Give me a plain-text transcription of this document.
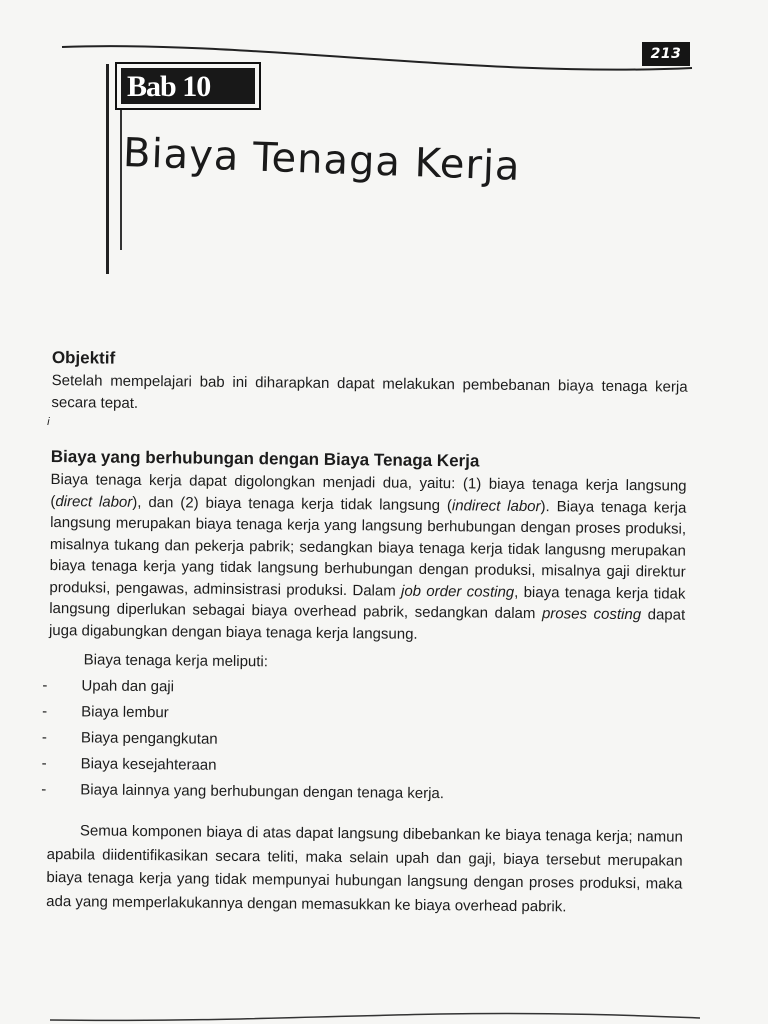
213
Bab 10
Biaya Tenaga Kerja
Objektif

Setelah mempelajari bab ini diharapkan dapat melakukan pembebanan biaya tenaga kerja secara tepat.

i
Biaya yang berhubungan dengan Biaya Tenaga Kerja

Biaya tenaga kerja dapat digolongkan menjadi dua, yaitu: (1) biaya tenaga kerja langsung (direct labor), dan (2) biaya tenaga kerja tidak langsung (indirect labor). Biaya tenaga kerja langsung merupakan biaya tenaga kerja yang langsung berhubungan dengan proses produksi, misalnya tukang dan pekerja pabrik; sedangkan biaya tenaga kerja tidak langusng merupakan biaya tenaga kerja yang tidak langsung berhubungan dengan produksi, misalnya gaji direktur produksi, pengawas, adminsistrasi produksi. Dalam job order costing, biaya tenaga kerja tidak langsung diperlukan sebagai biaya overhead pabrik, sedangkan dalam proses costing dapat juga digabungkan dengan biaya tenaga kerja langsung.

Biaya tenaga kerja meliputi:

- Upah dan gaji
- Biaya lembur
- Biaya pengangkutan
- Biaya kesejahteraan
- Biaya lainnya yang berhubungan dengan tenaga kerja.

Semua komponen biaya di atas dapat langsung dibebankan ke biaya tenaga kerja; namun apabila diidentifikasikan secara teliti, maka selain upah dan gaji, biaya tersebut merupakan biaya tenaga kerja yang tidak mempunyai hubungan langsung dengan proses produksi, maka ada yang memperlakukannya dengan memasukkan ke biaya overhead pabrik.
